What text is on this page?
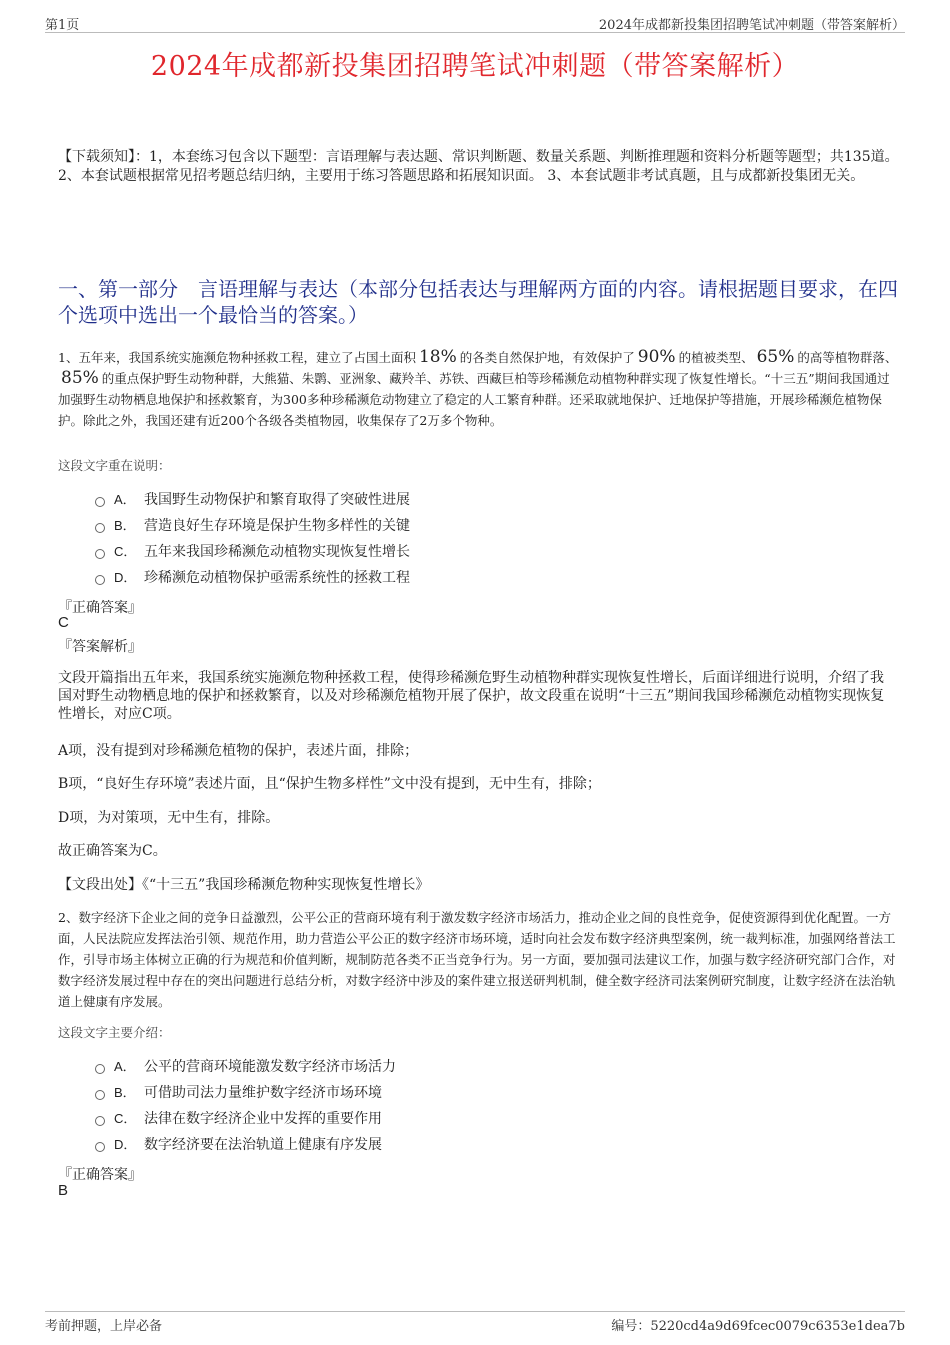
第1页	2024年成都新投集团招聘笔试冲刺题（带答案解析）
2024年成都新投集团招聘笔试冲刺题（带答案解析）
【下载须知】：1，本套练习包含以下题型：言语理解与表达题、常识判断题、数量关系题、判断推理题和资料分析题等题型；共135道。 2、本套试题根据常见招考题总结归纳，主要用于练习答题思路和拓展知识面。 3、本套试题非考试真题，且与成都新投集团无关。
一、第一部分　言语理解与表达（本部分包括表达与理解两方面的内容。请根据题目要求，在四个选项中选出一个最恰当的答案。）
1、五年来，我国系统实施濒危物种拯救工程，建立了占国土面积 18% 的各类自然保护地，有效保护了 90% 的植被类型、 65% 的高等植物群落、85% 的重点保护野生动物种群，大熊猫、朱鹮、亚洲象、藏羚羊、苏铁、西藏巨柏等珍稀濒危动植物种群实现了恢复性增长。“十三五”期间我国通过加强野生动物栖息地保护和拯救繁育，为300多种珍稀濒危动物建立了稳定的人工繁育种群。还采取就地保护、迁地保护等措施，开展珍稀濒危植物保护。除此之外，我国还建有近200个各级各类植物园，收集保存了2万多个物种。
这段文字重在说明：
A． 我国野生动物保护和繁育取得了突破性进展
B． 营造良好生存环境是保护生物多样性的关键
C． 五年来我国珍稀濒危动植物实现恢复性增长
D． 珍稀濒危动植物保护亟需系统性的拯救工程
『正确答案』
C
『答案解析』
文段开篇指出五年来，我国系统实施濒危物种拯救工程，使得珍稀濒危野生动植物种群实现恢复性增长，后面详细进行说明，介绍了我国对野生动物栖息地的保护和拯救繁育，以及对珍稀濒危植物开展了保护，故文段重在说明“十三五”期间我国珍稀濒危动植物实现恢复性增长，对应C项。
A项，没有提到对珍稀濒危植物的保护，表述片面，排除；
B项，“良好生存环境”表述片面，且“保护生物多样性”文中没有提到，无中生有，排除；
D项，为对策项，无中生有，排除。
故正确答案为C。
【文段出处】《“十三五”我国珍稀濒危物种实现恢复性增长》
2、数字经济下企业之间的竞争日益激烈，公平公正的营商环境有利于激发数字经济市场活力，推动企业之间的良性竞争，促使资源得到优化配置。一方面，人民法院应发挥法治引领、规范作用，助力营造公平公正的数字经济市场环境，适时向社会发布数字经济典型案例，统一裁判标准，加强网络普法工作，引导市场主体树立正确的行为规范和价值判断，规制防范各类不正当竞争行为。另一方面，要加强司法建议工作，加强与数字经济研究部门合作，对数字经济发展过程中存在的突出问题进行总结分析，对数字经济中涉及的案件建立报送研判机制，健全数字经济司法案例研究制度，让数字经济在法治轨道上健康有序发展。
这段文字主要介绍：
A． 公平的营商环境能激发数字经济市场活力
B． 可借助司法力量维护数字经济市场环境
C． 法律在数字经济企业中发挥的重要作用
D． 数字经济要在法治轨道上健康有序发展
『正确答案』
B
考前押题，上岸必备	编号：5220cd4a9d69fcec0079c6353e1dea7b
